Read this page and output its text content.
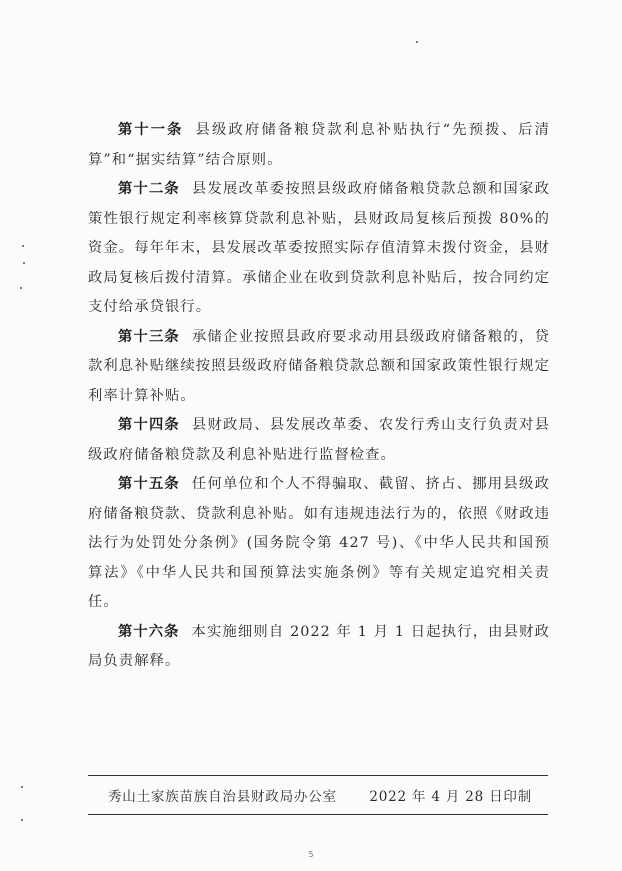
第十一条 县级政府储备粮贷款利息补贴执行“先预拨、后清算”和“据实结算”结合原则。

第十二条 县发展改革委按照县级政府储备粮贷款总额和国家政策性银行规定利率核算贷款利息补贴，县财政局复核后预拨 80%的资金。每年年末，县发展改革委按照实际存值清算未拨付资金，县财政局复核后拨付清算。承储企业在收到贷款利息补贴后，按合同约定支付给承贷银行。

第十三条 承储企业按照县政府要求动用县级政府储备粮的，贷款利息补贴继续按照县级政府储备粮贷款总额和国家政策性银行规定利率计算补贴。

第十四条 县财政局、县发展改革委、农发行秀山支行负责对县级政府储备粮贷款及利息补贴进行监督检查。

第十五条 任何单位和个人不得骗取、截留、挤占、挪用县级政府储备粮贷款、贷款利息补贴。如有违规违法行为的，依照《财政违法行为处罚处分条例》(国务院令第 427 号)、《中华人民共和国预算法》《中华人民共和国预算法实施条例》等有关规定追究相关责任。

第十六条 本实施细则自 2022 年 1 月 1 日起执行，由县财政局负责解释。

秀山土家族苗族自治县财政局办公室 2022 年 4 月 28 日印制
5
